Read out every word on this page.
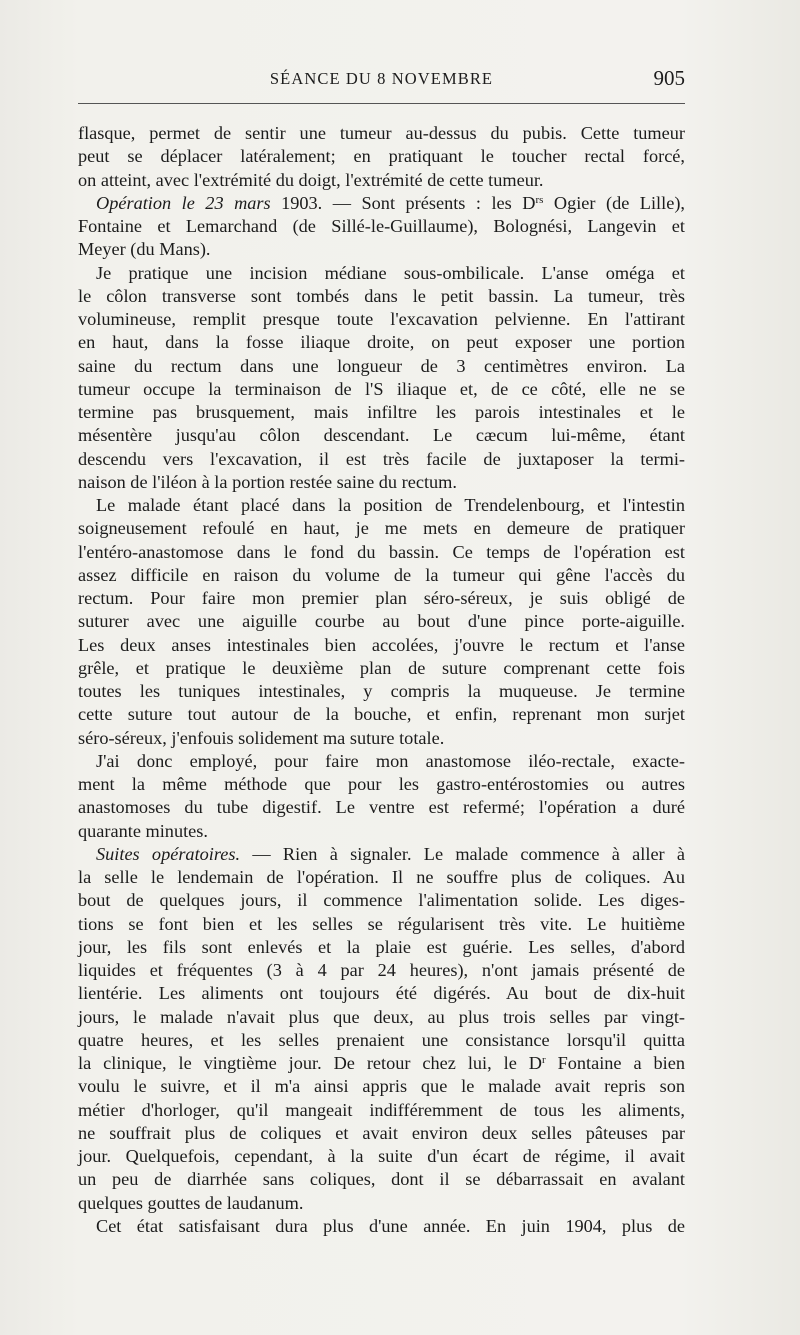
SÉANCE DU 8 NOVEMBRE	905
flasque, permet de sentir une tumeur au-dessus du pubis. Cette tumeur
peut se déplacer latéralement; en pratiquant le toucher rectal forcé,
on atteint, avec l'extrémité du doigt, l'extrémité de cette tumeur.
Opération le 23 mars 1903. — Sont présents : les $D^{rs}$ Ogier (de Lille),
Fontaine et Lemarchand (de Sillé-le-Guillaume), Bolognési, Langevin et
Meyer (du Mans).
Je pratique une incision médiane sous-ombilicale. L'anse oméga et
le côlon transverse sont tombés dans le petit bassin. La tumeur, très
volumineuse, remplit presque toute l'excavation pelvienne. En l'attirant
en haut, dans la fosse iliaque droite, on peut exposer une portion
saine du rectum dans une longueur de 3 centimètres environ. La
tumeur occupe la terminaison de l'S iliaque et, de ce côté, elle ne se
termine pas brusquement, mais infiltre les parois intestinales et le
mésentère jusqu'au côlon descendant. Le cæcum lui-même, étant
descendu vers l'excavation, il est très facile de juxtaposer la termi-
naison de l'iléon à la portion restée saine du rectum.
Le malade étant placé dans la position de Trendelenbourg, et l'intestin
soigneusement refoulé en haut, je me mets en demeure de pratiquer
l'entéro-anastomose dans le fond du bassin. Ce temps de l'opération est
assez difficile en raison du volume de la tumeur qui gêne l'accès du
rectum. Pour faire mon premier plan séro-séreux, je suis obligé de
suturer avec une aiguille courbe au bout d'une pince porte-aiguille.
Les deux anses intestinales bien accolées, j'ouvre le rectum et l'anse
grêle, et pratique le deuxième plan de suture comprenant cette fois
toutes les tuniques intestinales, y compris la muqueuse. Je termine
cette suture tout autour de la bouche, et enfin, reprenant mon surjet
séro-séreux, j'enfouis solidement ma suture totale.
J'ai donc employé, pour faire mon anastomose iléo-rectale, exacte-
ment la même méthode que pour les gastro-entérostomies ou autres
anastomoses du tube digestif. Le ventre est refermé; l'opération a duré
quarante minutes.
Suites opératoires. — Rien à signaler. Le malade commence à aller à
la selle le lendemain de l'opération. Il ne souffre plus de coliques. Au
bout de quelques jours, il commence l'alimentation solide. Les diges-
tions se font bien et les selles se régularisent très vite. Le huitième
jour, les fils sont enlevés et la plaie est guérie. Les selles, d'abord
liquides et fréquentes (3 à 4 par 24 heures), n'ont jamais présenté de
lientérie. Les aliments ont toujours été digérés. Au bout de dix-huit
jours, le malade n'avait plus que deux, au plus trois selles par vingt-
quatre heures, et les selles prenaient une consistance lorsqu'il quitta
la clinique, le vingtième jour. De retour chez lui, le $D^r$ Fontaine a bien
voulu le suivre, et il m'a ainsi appris que le malade avait repris son
métier d'horloger, qu'il mangeait indifféremment de tous les aliments,
ne souffrait plus de coliques et avait environ deux selles pâteuses par
jour. Quelquefois, cependant, à la suite d'un écart de régime, il avait
un peu de diarrhée sans coliques, dont il se débarrassait en avalant
quelques gouttes de laudanum.
Cet état satisfaisant dura plus d'une année. En juin 1904, plus de
